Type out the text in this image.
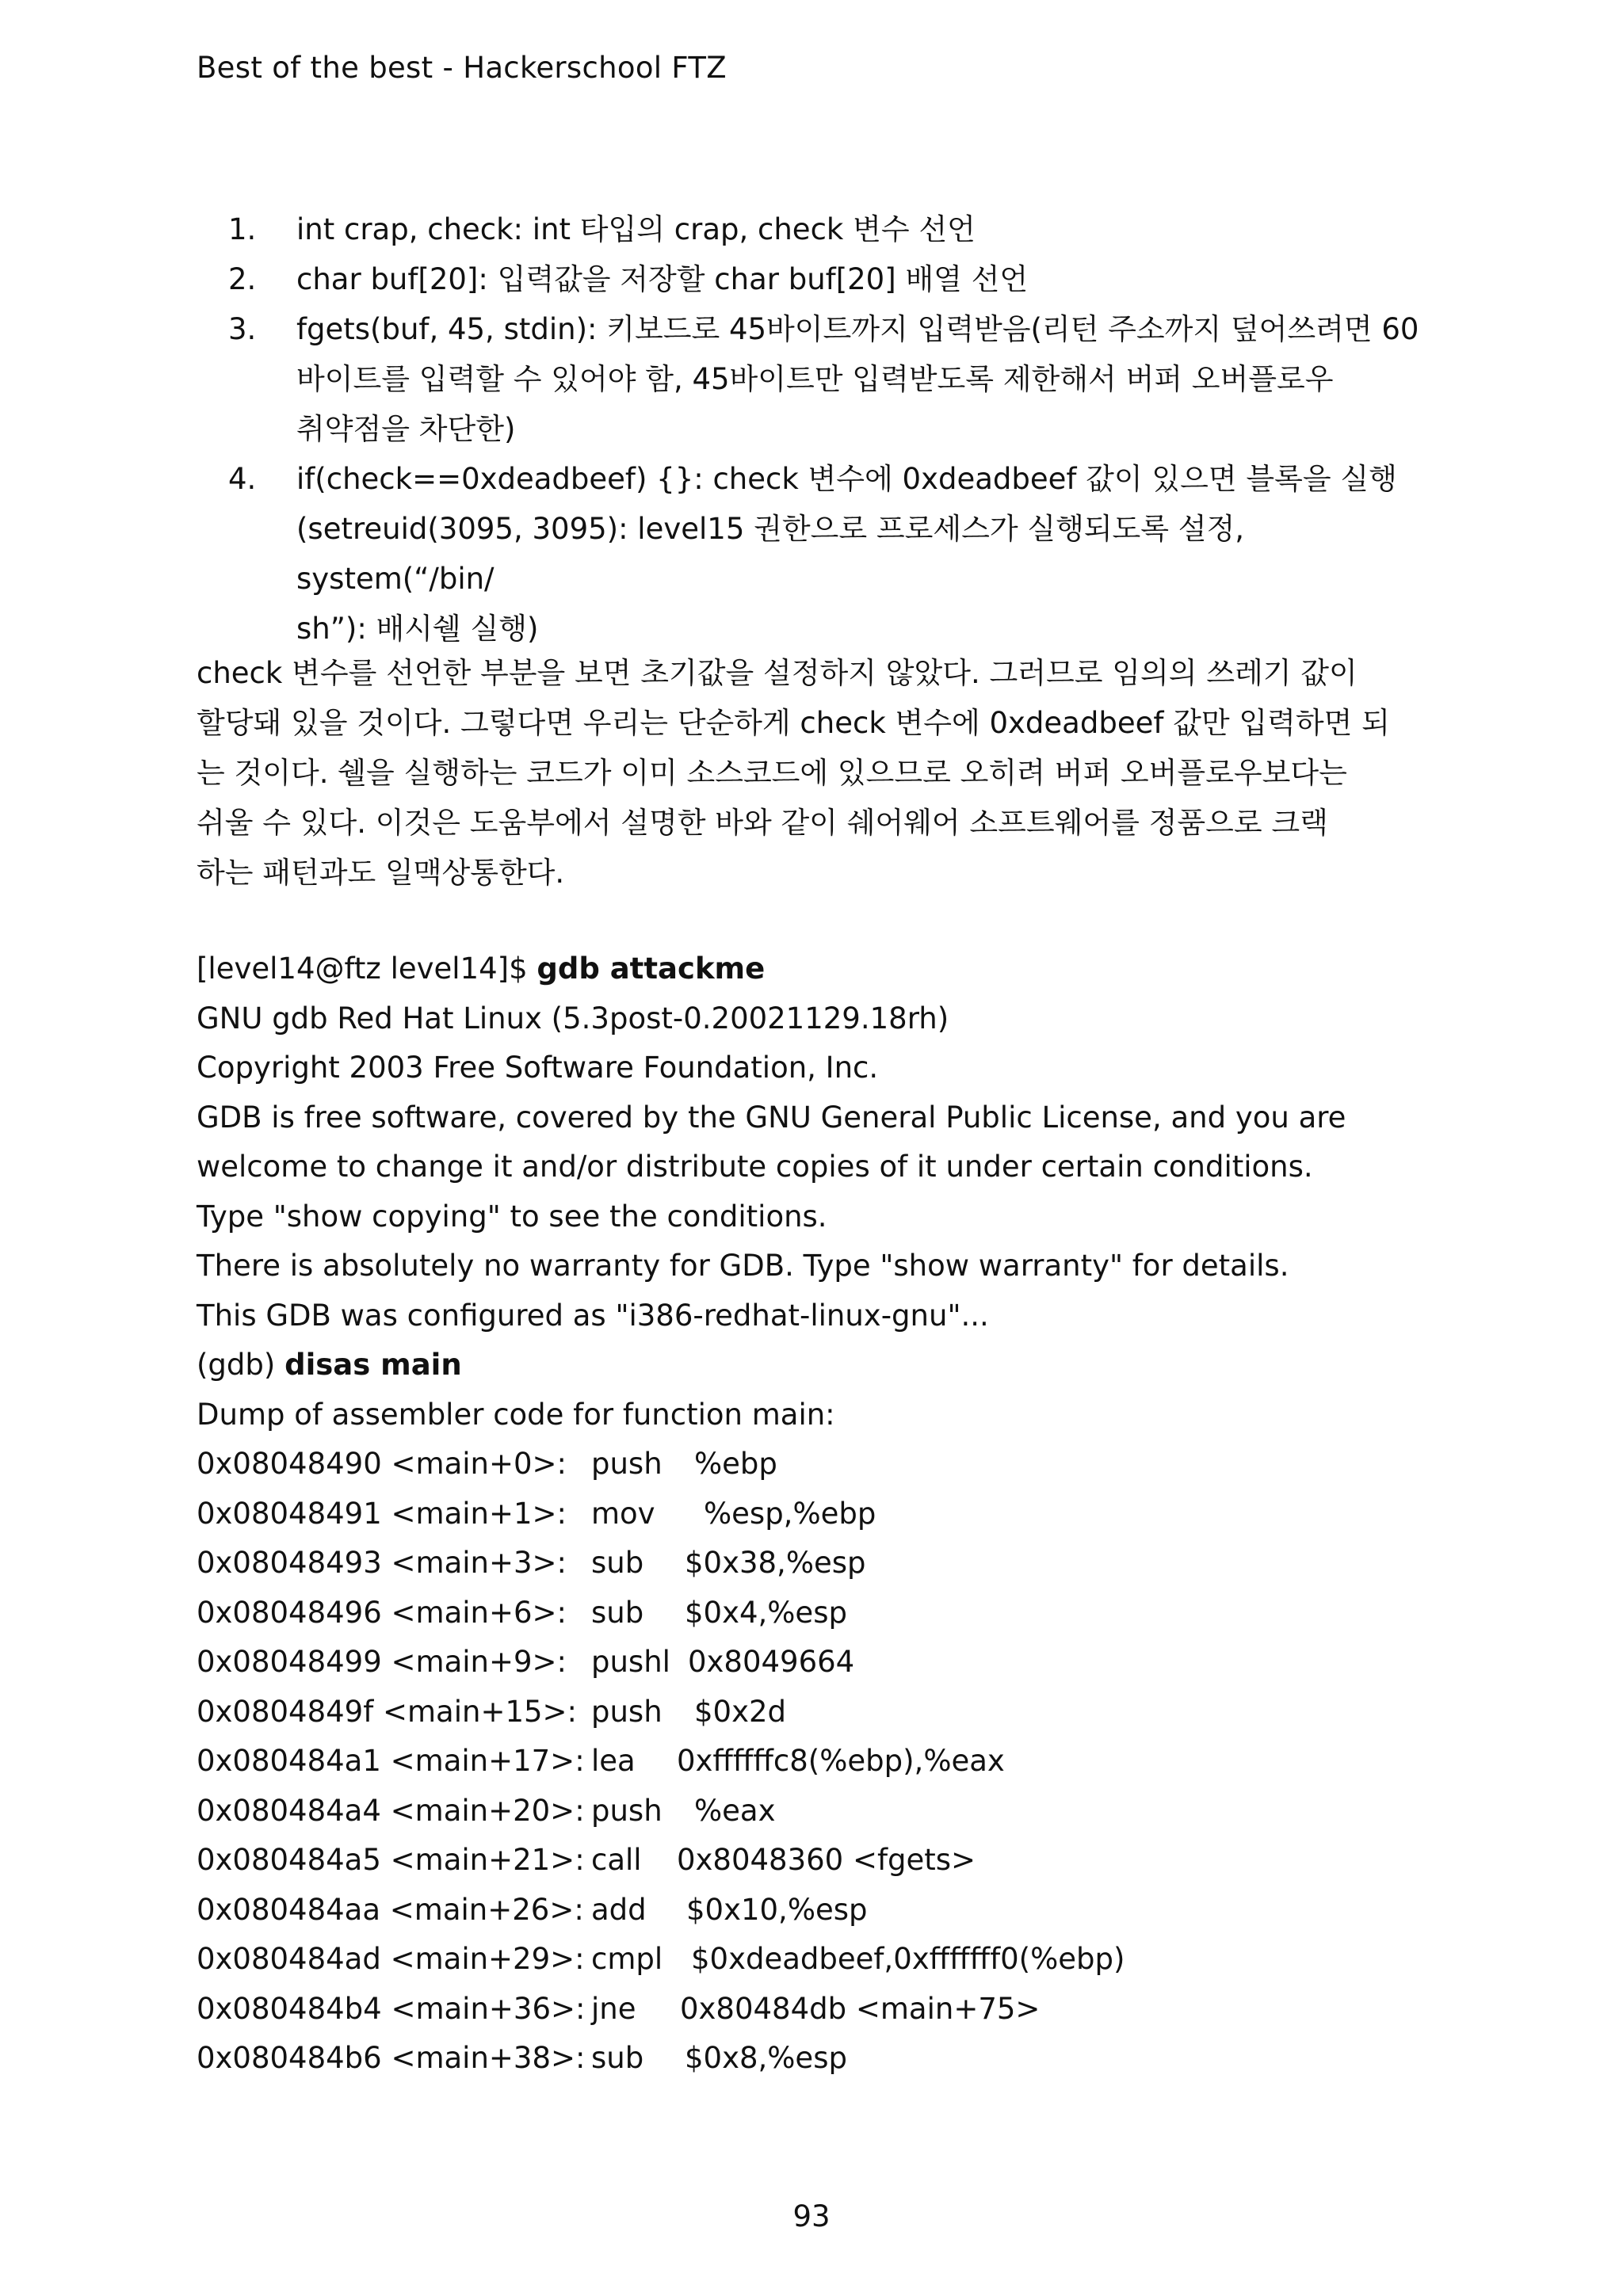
Best of the best - Hackerschool FTZ
1. int crap, check: int 타입의 crap, check 변수 선언
2. char buf[20]: 입력값을 저장할 char buf[20] 배열 선언
3. fgets(buf, 45, stdin): 키보드로 45바이트까지 입력받음(리턴 주소까지 덮어쓰려면 60
바이트를 입력할 수 있어야 함, 45바이트만 입력받도록 제한해서 버퍼 오버플로우
취약점을 차단한)
4. if(check==0xdeadbeef) {}: check 변수에 0xdeadbeef 값이 있으면 블록을 실행
(setreuid(3095, 3095): level15 권한으로 프로세스가 실행되도록 설정, system(“/bin/
sh”): 배시쉘 실행)

check 변수를 선언한 부분을 보면 초기값을 설정하지 않았다. 그러므로 임의의 쓰레기 값이

할당돼 있을 것이다. 그렇다면 우리는 단순하게 check 변수에 0xdeadbeef 값만 입력하면 되

는 것이다. 쉘을 실행하는 코드가 이미 소스코드에 있으므로 오히려 버퍼 오버플로우보다는

쉬울 수 있다. 이것은 도움부에서 설명한 바와 같이 쉐어웨어 소프트웨어를 정품으로 크랙

하는 패턴과도 일맥상통한다.

[level14@ftz level14]$ gdb attackme
GNU gdb Red Hat Linux (5.3post-0.20021129.18rh)
Copyright 2003 Free Software Foundation, Inc.
GDB is free software, covered by the GNU General Public License, and you are
welcome to change it and/or distribute copies of it under certain conditions.
Type "show copying" to see the conditions.
There is absolutely no warranty for GDB. Type "show warranty" for details.
This GDB was configured as "i386-redhat-linux-gnu"...
(gdb) disas main
Dump of assembler code for function main:
0x08048490 <main+0>: push %ebp
0x08048491 <main+1>: mov %esp,%ebp
0x08048493 <main+3>: sub $0x38,%esp
0x08048496 <main+6>: sub $0x4,%esp
0x08048499 <main+9>: pushl 0x8049664
0x0804849f <main+15>: push $0x2d
0x080484a1 <main+17>: lea 0xffffffc8(%ebp),%eax
0x080484a4 <main+20>: push %eax
0x080484a5 <main+21>: call 0x8048360 <fgets>
0x080484aa <main+26>: add $0x10,%esp
0x080484ad <main+29>: cmpl $0xdeadbeef,0xfffffff0(%ebp)
0x080484b4 <main+36>: jne 0x80484db <main+75>
0x080484b6 <main+38>: sub $0x8,%esp
93
